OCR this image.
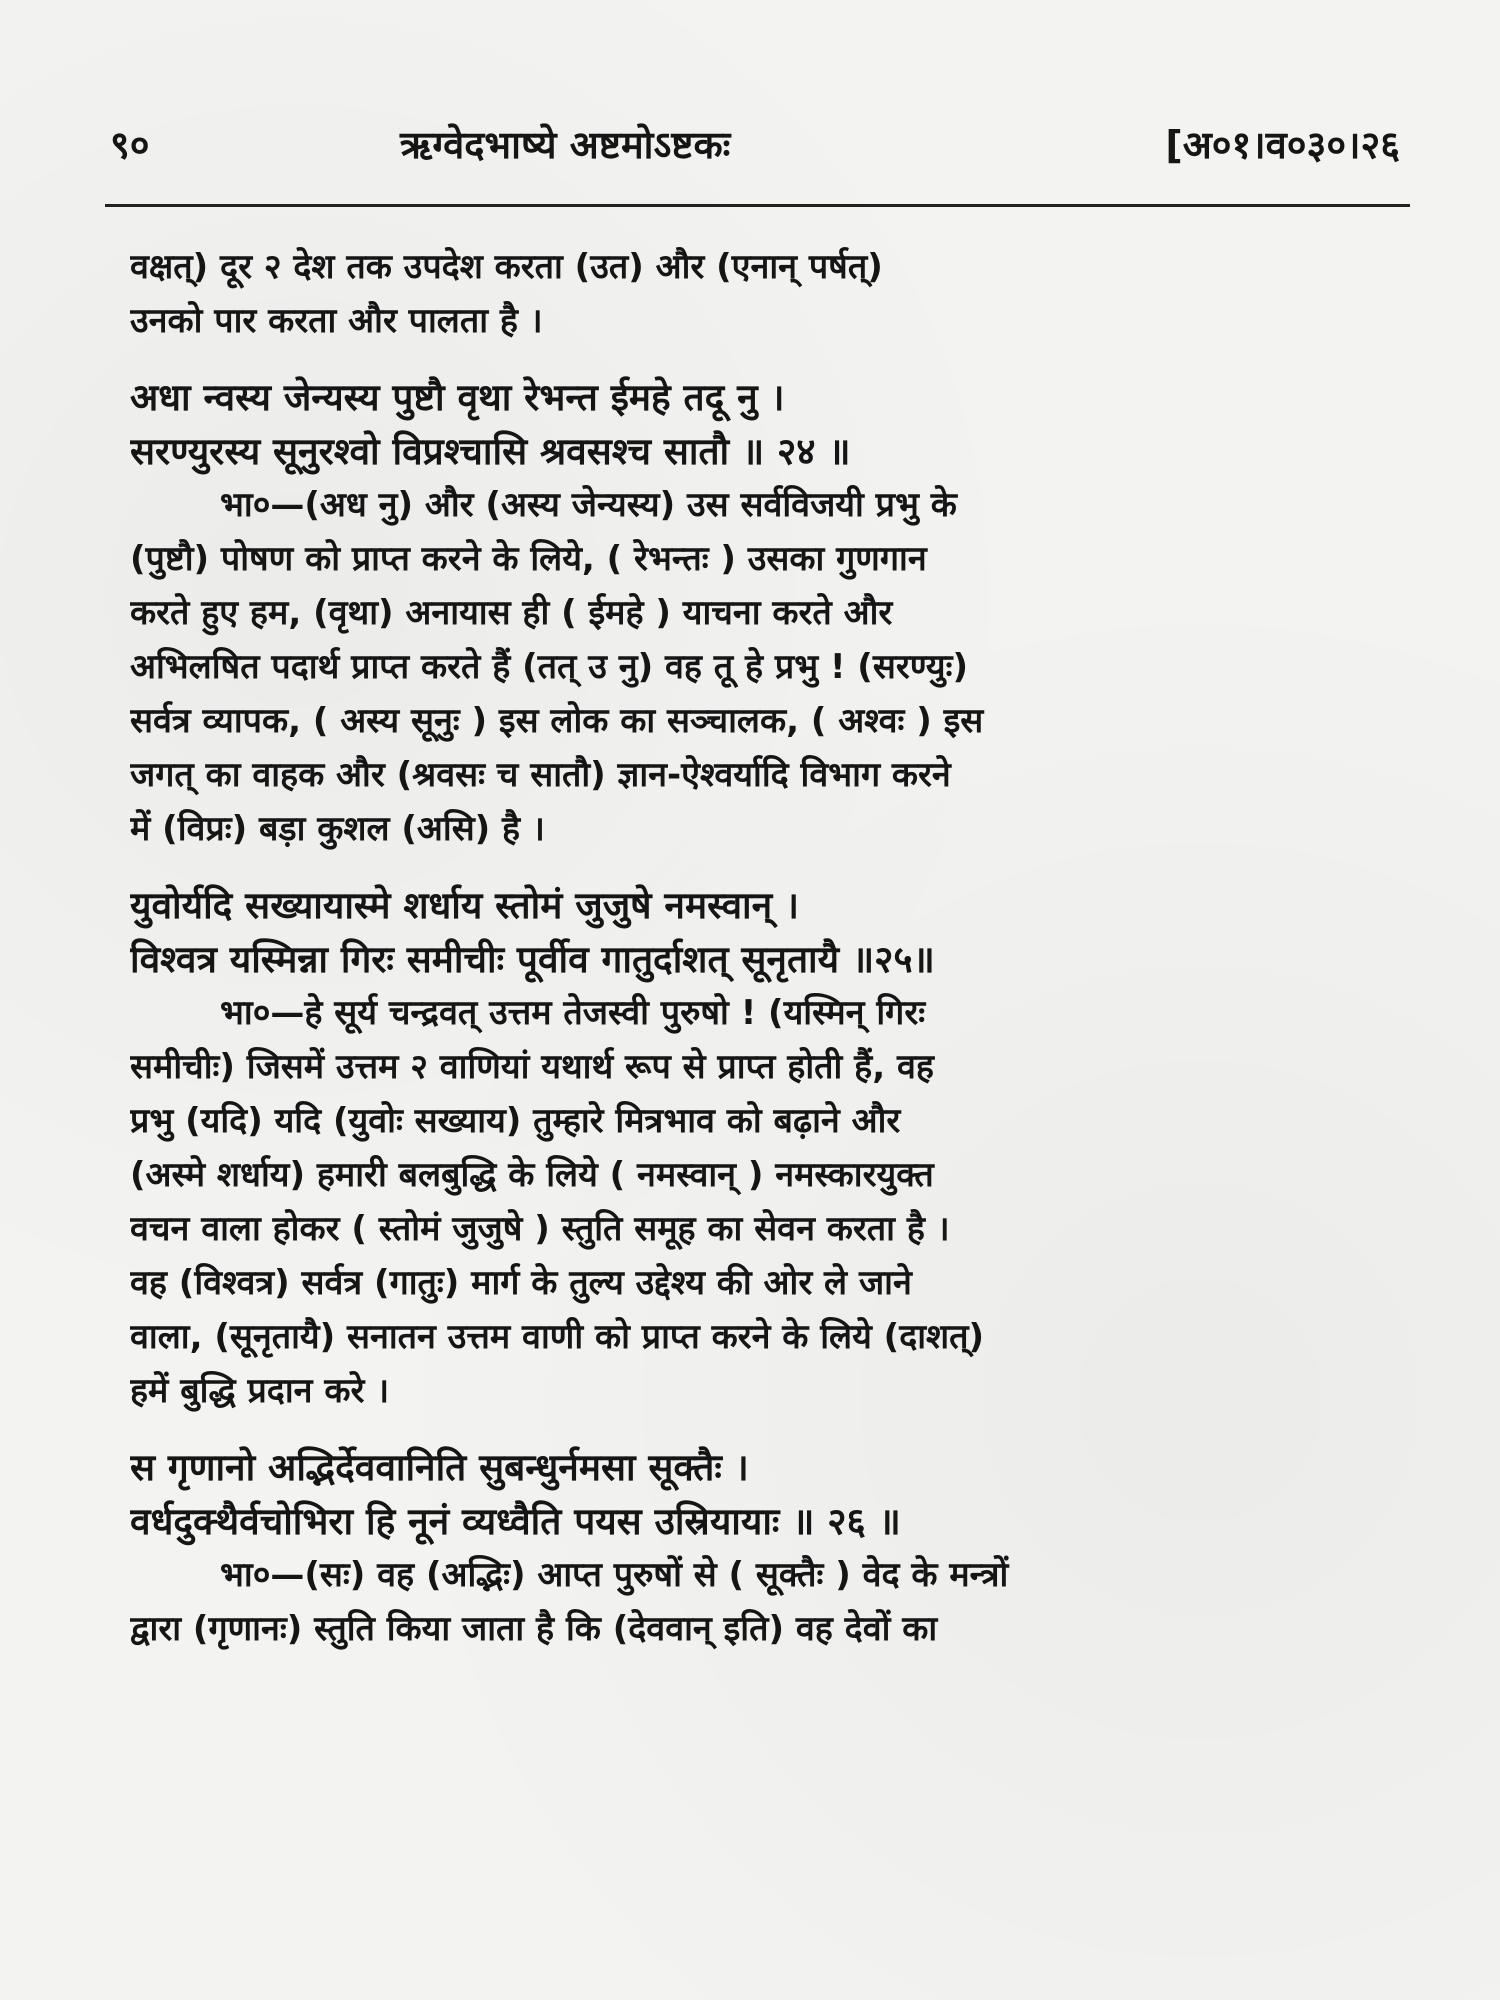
९०	ऋग्वेदभाष्ये अष्टमोऽष्टकः	[अ०१।व०३०।२६
वक्षत्) दूर २ देश तक उपदेश करता (उत) और (एनान् पर्षत्)
उनको पार करता और पालता है ।
अधा न्वस्य जेन्यस्य पुष्टौ वृथा रेभन्त ईमहे तदू नु ।
सरण्युरस्य सूनुरश्वो विप्रश्चासि श्रवसश्च सातौ ॥ २४ ॥
भा०—(अध नु) और (अस्य जेन्यस्य) उस सर्वविजयी प्रभु के
(पुष्टौ) पोषण को प्राप्त करने के लिये, ( रेभन्तः ) उसका गुणगान
करते हुए हम, (वृथा) अनायास ही ( ईमहे ) याचना करते और
अभिलषित पदार्थ प्राप्त करते हैं (तत् उ नु) वह तू हे प्रभु ! (सरण्युः)
सर्वत्र व्यापक, ( अस्य सूनुः ) इस लोक का सञ्चालक, ( अश्वः ) इस
जगत् का वाहक और (श्रवसः च सातौ) ज्ञान-ऐश्वर्यादि विभाग करने
में (विप्रः) बड़ा कुशल (असि) है ।
युवोर्यदि सख्यायास्मे शर्धाय स्तोमं जुजुषे नमस्वान् ।
विश्वत्र यस्मिन्ना गिरः समीचीः पूर्वीव गातुर्दाशत् सूनृतायै ॥२५॥
भा०—हे सूर्य चन्द्रवत् उत्तम तेजस्वी पुरुषो ! (यस्मिन् गिरः
समीचीः) जिसमें उत्तम २ वाणियां यथार्थ रूप से प्राप्त होती हैं, वह
प्रभु (यदि) यदि (युवोः सख्याय) तुम्हारे मित्रभाव को बढ़ाने और
(अस्मे शर्धाय) हमारी बलबुद्धि के लिये ( नमस्वान् ) नमस्कारयुक्त
वचन वाला होकर ( स्तोमं जुजुषे ) स्तुति समूह का सेवन करता है ।
वह (विश्वत्र) सर्वत्र (गातुः) मार्ग के तुल्य उद्देश्य की ओर ले जाने
वाला, (सूनृतायै) सनातन उत्तम वाणी को प्राप्त करने के लिये (दाशत्)
हमें बुद्धि प्रदान करे ।
स गृणानो अद्भिर्देववानिति सुबन्धुर्नमसा सूक्तैः ।
वर्धदुक्थैर्वचोभिरा हि नूनं व्यध्वैति पयस उस्रियायाः ॥ २६ ॥
भा०—(सः) वह (अद्भिः) आप्त पुरुषों से ( सूक्तैः ) वेद के मन्त्रों
द्वारा (गृणानः) स्तुति किया जाता है कि (देववान् इति) वह देवों का
